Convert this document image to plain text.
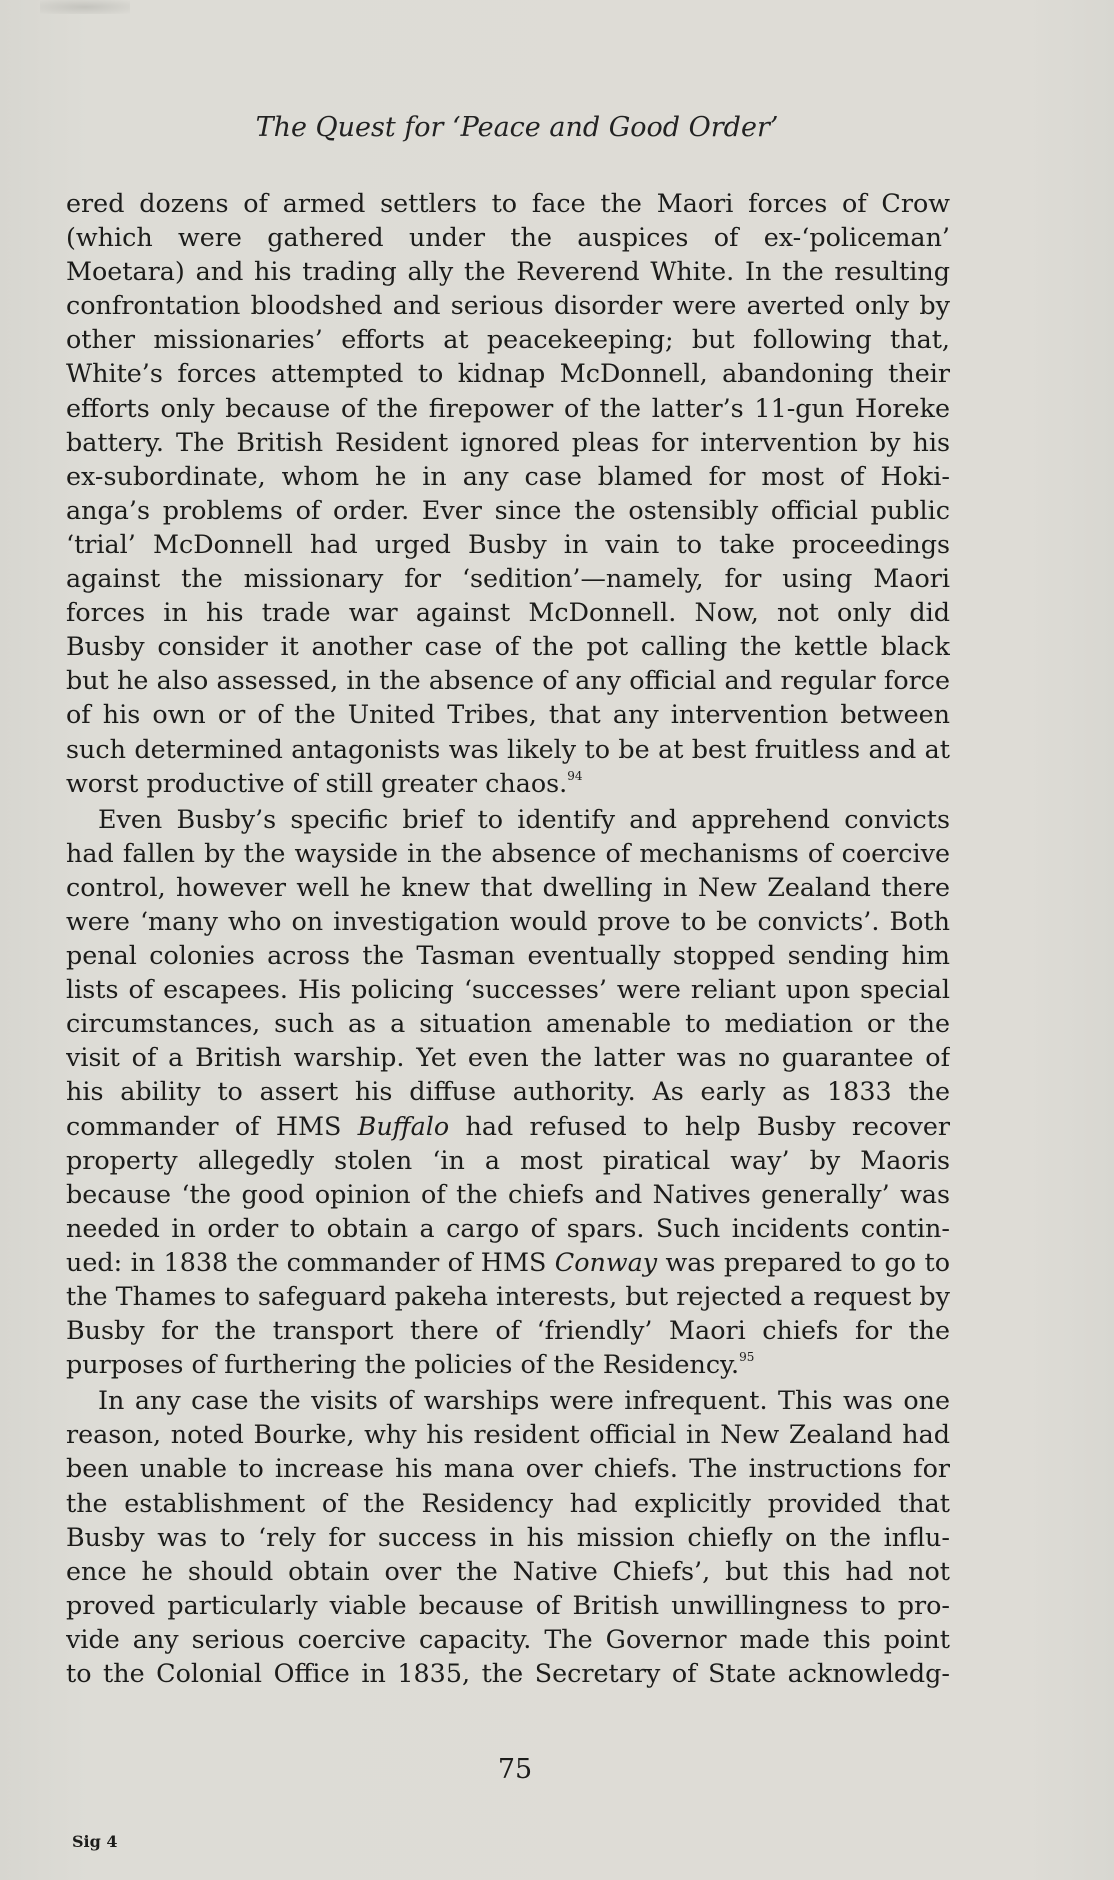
The Quest for ‘Peace and Good Order’

ered dozens of armed settlers to face the Maori forces of Crow
(which were gathered under the auspices of ex-‘policeman’
Moetara) and his trading ally the Reverend White. In the resulting
confrontation bloodshed and serious disorder were averted only by
other missionaries’ efforts at peacekeeping; but following that,
White’s forces attempted to kidnap McDonnell, abandoning their
efforts only because of the firepower of the latter’s 11-gun Horeke
battery. The British Resident ignored pleas for intervention by his
ex-subordinate, whom he in any case blamed for most of Hoki-
anga’s problems of order. Ever since the ostensibly official public
‘trial’ McDonnell had urged Busby in vain to take proceedings
against the missionary for ‘sedition’—namely, for using Maori
forces in his trade war against McDonnell. Now, not only did
Busby consider it another case of the pot calling the kettle black
but he also assessed, in the absence of any official and regular force
of his own or of the United Tribes, that any intervention between
such determined antagonists was likely to be at best fruitless and at
worst productive of still greater chaos.$^{94}$

Even Busby’s specific brief to identify and apprehend convicts
had fallen by the wayside in the absence of mechanisms of coercive
control, however well he knew that dwelling in New Zealand there
were ‘many who on investigation would prove to be convicts’. Both
penal colonies across the Tasman eventually stopped sending him
lists of escapees. His policing ‘successes’ were reliant upon special
circumstances, such as a situation amenable to mediation or the
visit of a British warship. Yet even the latter was no guarantee of
his ability to assert his diffuse authority. As early as 1833 the
commander of HMS Buffalo had refused to help Busby recover
property allegedly stolen ‘in a most piratical way’ by Maoris
because ‘the good opinion of the chiefs and Natives generally’ was
needed in order to obtain a cargo of spars. Such incidents contin-
ued: in 1838 the commander of HMS Conway was prepared to go to
the Thames to safeguard pakeha interests, but rejected a request by
Busby for the transport there of ‘friendly’ Maori chiefs for the
purposes of furthering the policies of the Residency.$^{95}$

In any case the visits of warships were infrequent. This was one
reason, noted Bourke, why his resident official in New Zealand had
been unable to increase his mana over chiefs. The instructions for
the establishment of the Residency had explicitly provided that
Busby was to ‘rely for success in his mission chiefly on the influ-
ence he should obtain over the Native Chiefs’, but this had not
proved particularly viable because of British unwillingness to pro-
vide any serious coercive capacity. The Governor made this point
to the Colonial Office in 1835, the Secretary of State acknowledg-

75
Sig 4
